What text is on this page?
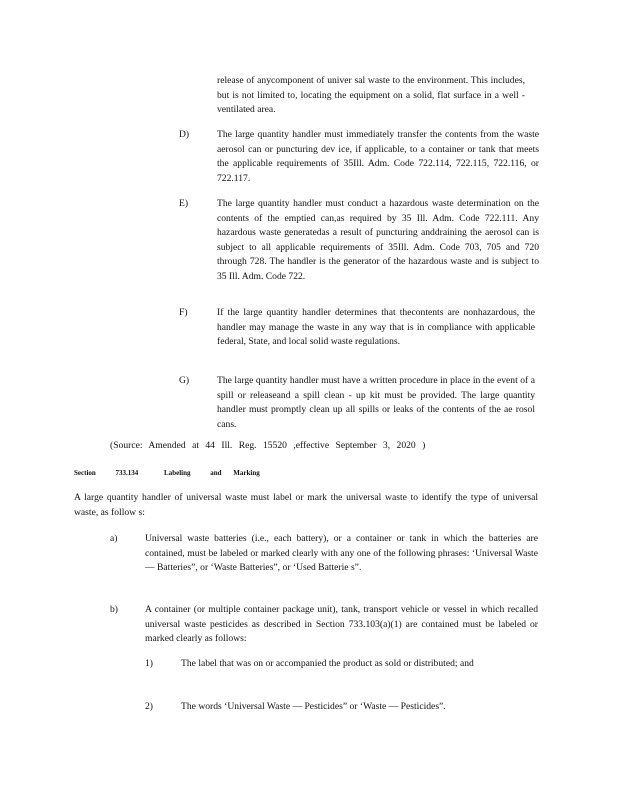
release of anycomponent of univer sal waste to the environment. This includes, but is not limited to, locating the equipment on a solid, flat surface in a well -ventilated area.

D)	The large quantity handler must immediately transfer the contents from the waste aerosol can or puncturing dev ice, if applicable, to a container or tank that meets the applicable requirements of 35Ill. Adm. Code 722.114, 722.115, 722.116, or 722.117.

E)	The large quantity handler must conduct a hazardous waste determination on the contents of the emptied can,as required by 35 Ill. Adm. Code 722.111. Any hazardous waste generatedas a result of puncturing anddraining the aerosol can is subject to all applicable requirements of 35Ill. Adm. Code 703, 705 and 720 through 728. The handler is the generator of the hazardous waste and is subject to 35 Ill. Adm. Code 722.

F)	If the large quantity handler determines that thecontents are nonhazardous, the handler may manage the waste in any way that is in compliance with applicable federal, State, and local solid waste regulations.

G)	The large quantity handler must have a written procedure in place in the event of a spill or releaseand a spill clean - up kit must be provided. The large quantity handler must promptly clean up all spills or leaks of the contents of the ae rosol cans.

(Source: Amended at 44 Ill. Reg. 15520 ,effective September 3, 2020 )

Section	733.134	Labeling	and Marking

A large quantity handler of universal waste must label or mark the universal waste to identify the type of universal waste, as follow s:

a)	Universal waste batteries (i.e., each battery), or a container or tank in which the batteries are contained, must be labeled or marked clearly with any one of the following phrases: ‘Universal Waste — Batteries”, or ‘Waste Batteries”, or ‘Used Batterie s”.

b)	A container (or multiple container package unit), tank, transport vehicle or vessel in which recalled universal waste pesticides as described in Section 733.103(a)(1) are contained must be labeled or marked clearly as follows:

1)	The label that was on or accompanied the product as sold or distributed; and

2)	The words ‘Universal Waste — Pesticides” or ‘Waste — Pesticides”.
